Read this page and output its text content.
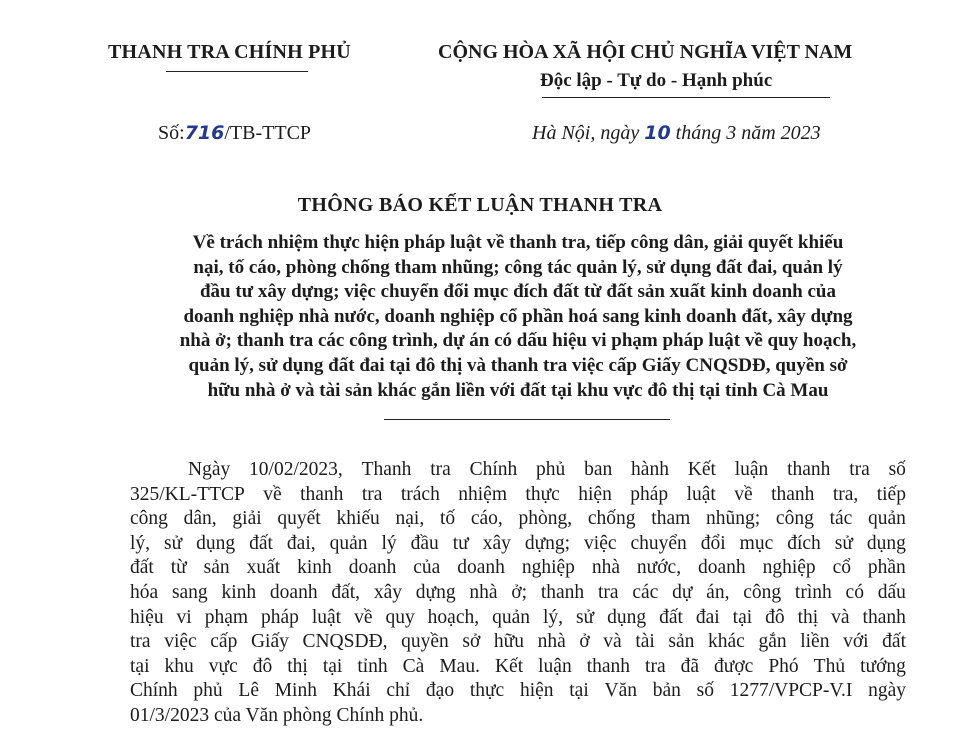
THANH TRA CHÍNH PHỦ	CỘNG HÒA XÃ HỘI CHỦ NGHĨA VIỆT NAM
Độc lập - Tự do - Hạnh phúc
Số:716/TB-TTCP	Hà Nội, ngày 10 tháng 3 năm 2023
THÔNG BÁO KẾT LUẬN THANH TRA
Về trách nhiệm thực hiện pháp luật về thanh tra, tiếp công dân, giải quyết khiếu
nại, tố cáo, phòng chống tham nhũng; công tác quản lý, sử dụng đất đai, quản lý
đầu tư xây dựng; việc chuyển đổi mục đích đất từ đất sản xuất kinh doanh của
doanh nghiệp nhà nước, doanh nghiệp cổ phần hoá sang kinh doanh đất, xây dựng
nhà ở; thanh tra các công trình, dự án có dấu hiệu vi phạm pháp luật về quy hoạch,
quản lý, sử dụng đất đai tại đô thị và thanh tra việc cấp Giấy CNQSDĐ, quyền sở
hữu nhà ở và tài sản khác gắn liền với đất tại khu vực đô thị tại tỉnh Cà Mau
Ngày 10/02/2023, Thanh tra Chính phủ ban hành Kết luận thanh tra số
325/KL-TTCP về thanh tra trách nhiệm thực hiện pháp luật về thanh tra, tiếp
công dân, giải quyết khiếu nại, tố cáo, phòng, chống tham nhũng; công tác quản
lý, sử dụng đất đai, quản lý đầu tư xây dựng; việc chuyển đổi mục đích sử dụng
đất từ sản xuất kinh doanh của doanh nghiệp nhà nước, doanh nghiệp cổ phần
hóa sang kinh doanh đất, xây dựng nhà ở; thanh tra các dự án, công trình có dấu
hiệu vi phạm pháp luật về quy hoạch, quản lý, sử dụng đất đai tại đô thị và thanh
tra việc cấp Giấy CNQSDĐ, quyền sở hữu nhà ở và tài sản khác gắn liền với đất
tại khu vực đô thị tại tỉnh Cà Mau. Kết luận thanh tra đã được Phó Thủ tướng
Chính phủ Lê Minh Khái chỉ đạo thực hiện tại Văn bản số 1277/VPCP-V.I ngày
01/3/2023 của Văn phòng Chính phủ.
